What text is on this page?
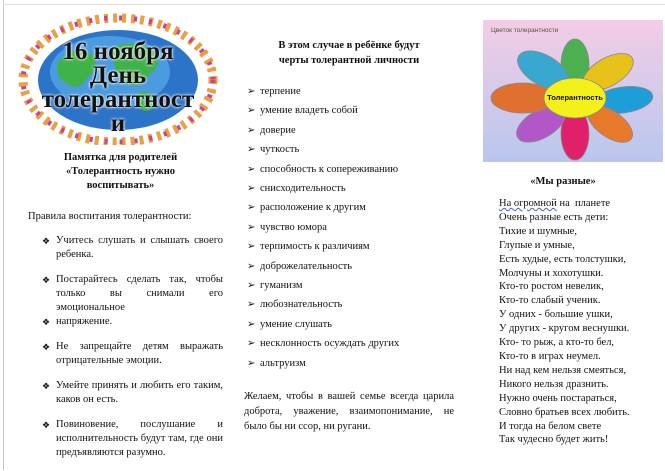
16 ноября
День
толерантност
и
Памятка для родителей
«Толерантность нужно
воспитывать»
Правила воспитания толерантности:
❖ Учитесь слушать и слышать своего ребенка.
❖ Постарайтесь сделать так, чтобы только вы снимали его эмоциональное
❖ напряжение.
❖ Не запрещайте детям выражать отрицательные эмоции.
❖ Умейте принять и любить его таким, каков он есть.
❖ Повиновение, послушание и исполнительность будут там, где они предъявляются разумно.
В этом случае в ребёнке будут
черты толерантной личности
➢ терпение
➢ умение владеть собой
➢ доверие
➢ чуткость
➢ способность к сопереживанию
➢ снисходительность
➢ расположение к другим
➢ чувство юмора
➢ терпимость к различиям
➢ доброжелательность
➢ гуманизм
➢ любознательность
➢ умение слушать
➢ несклонность осуждать других
➢ альтруизм
Желаем, чтобы в вашей семье всегда царила доброта, уважение, взаимопонимание, не было бы ни ссор, ни ругани.
Цветок толерантности
Толерантность
«Мы разные»
На огромной на  планете
Очень разные есть дети:
Тихие и шумные,
Глупые и умные,
Есть худые, есть толстушки,
Молчуны и хохотушки.
Кто-то ростом невелик,
Кто-то слабый ученик.
У одних - большие ушки,
У других - кругом веснушки.
Кто- то рыж, а кто-то бел,
Кто-то в играх неумел.
Ни над кем нельзя смеяться,
Никого нельзя дразнить.
Нужно очень постараться,
Словно братьев всех любить.
И тогда на белом свете
Так чудесно будет жить!
